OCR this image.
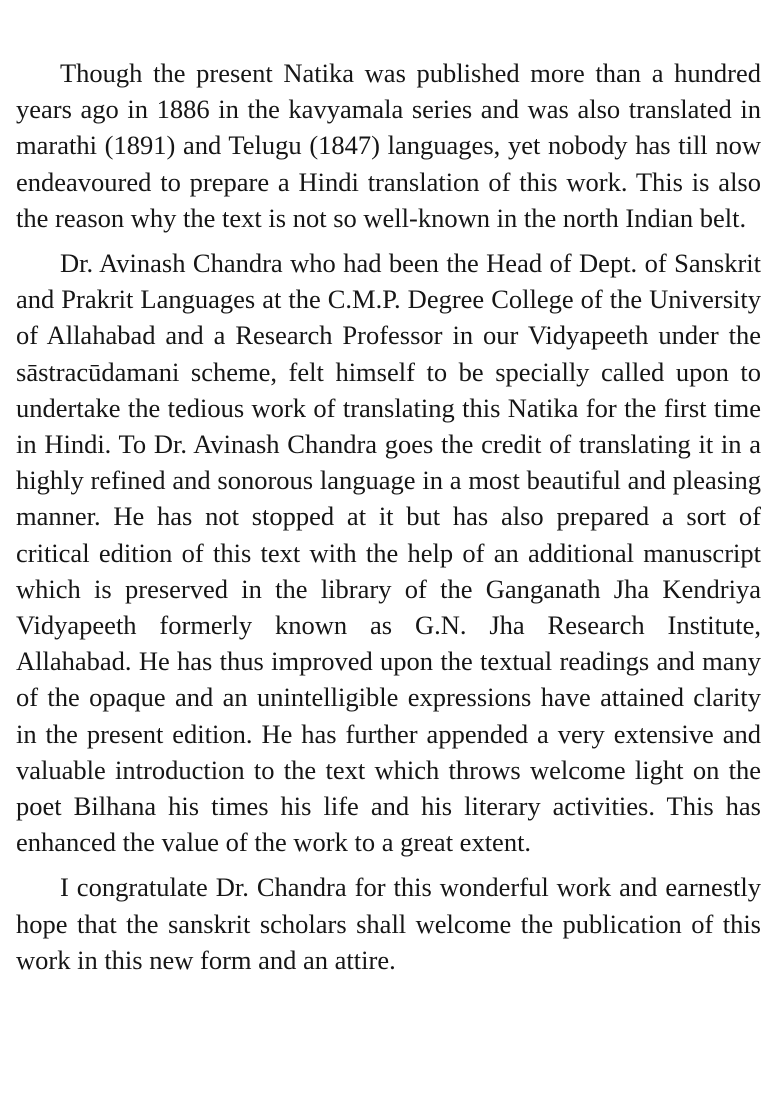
Though the present Natika was published more than a hundred years ago in 1886 in the kavyamala series and was also translated in marathi (1891) and Telugu (1847) languages, yet nobody has till now endeavoured to prepare a Hindi translation of this work. This is also the reason why the text is not so well-known in the north Indian belt.

Dr. Avinash Chandra who had been the Head of Dept. of Sanskrit and Prakrit Languages at the C.M.P. Degree College of the University of Allahabad and a Research Professor in our Vidyapeeth under the sāstracūdamani scheme, felt himself to be specially called upon to undertake the tedious work of translating this Natika for the first time in Hindi. To Dr. Avinash Chandra goes the credit of translating it in a highly refined and sonorous language in a most beautiful and pleasing manner. He has not stopped at it but has also prepared a sort of critical edition of this text with the help of an additional manuscript which is preserved in the library of the Ganganath Jha Kendriya Vidyapeeth formerly known as G.N. Jha Research Institute, Allahabad. He has thus improved upon the textual readings and many of the opaque and an unintelligible expressions have attained clarity in the present edition. He has further appended a very extensive and valuable introduction to the text which throws welcome light on the poet Bilhana his times his life and his literary activities. This has enhanced the value of the work to a great extent.

I congratulate Dr. Chandra for this wonderful work and earnestly hope that the sanskrit scholars shall welcome the publication of this work in this new form and an attire.
